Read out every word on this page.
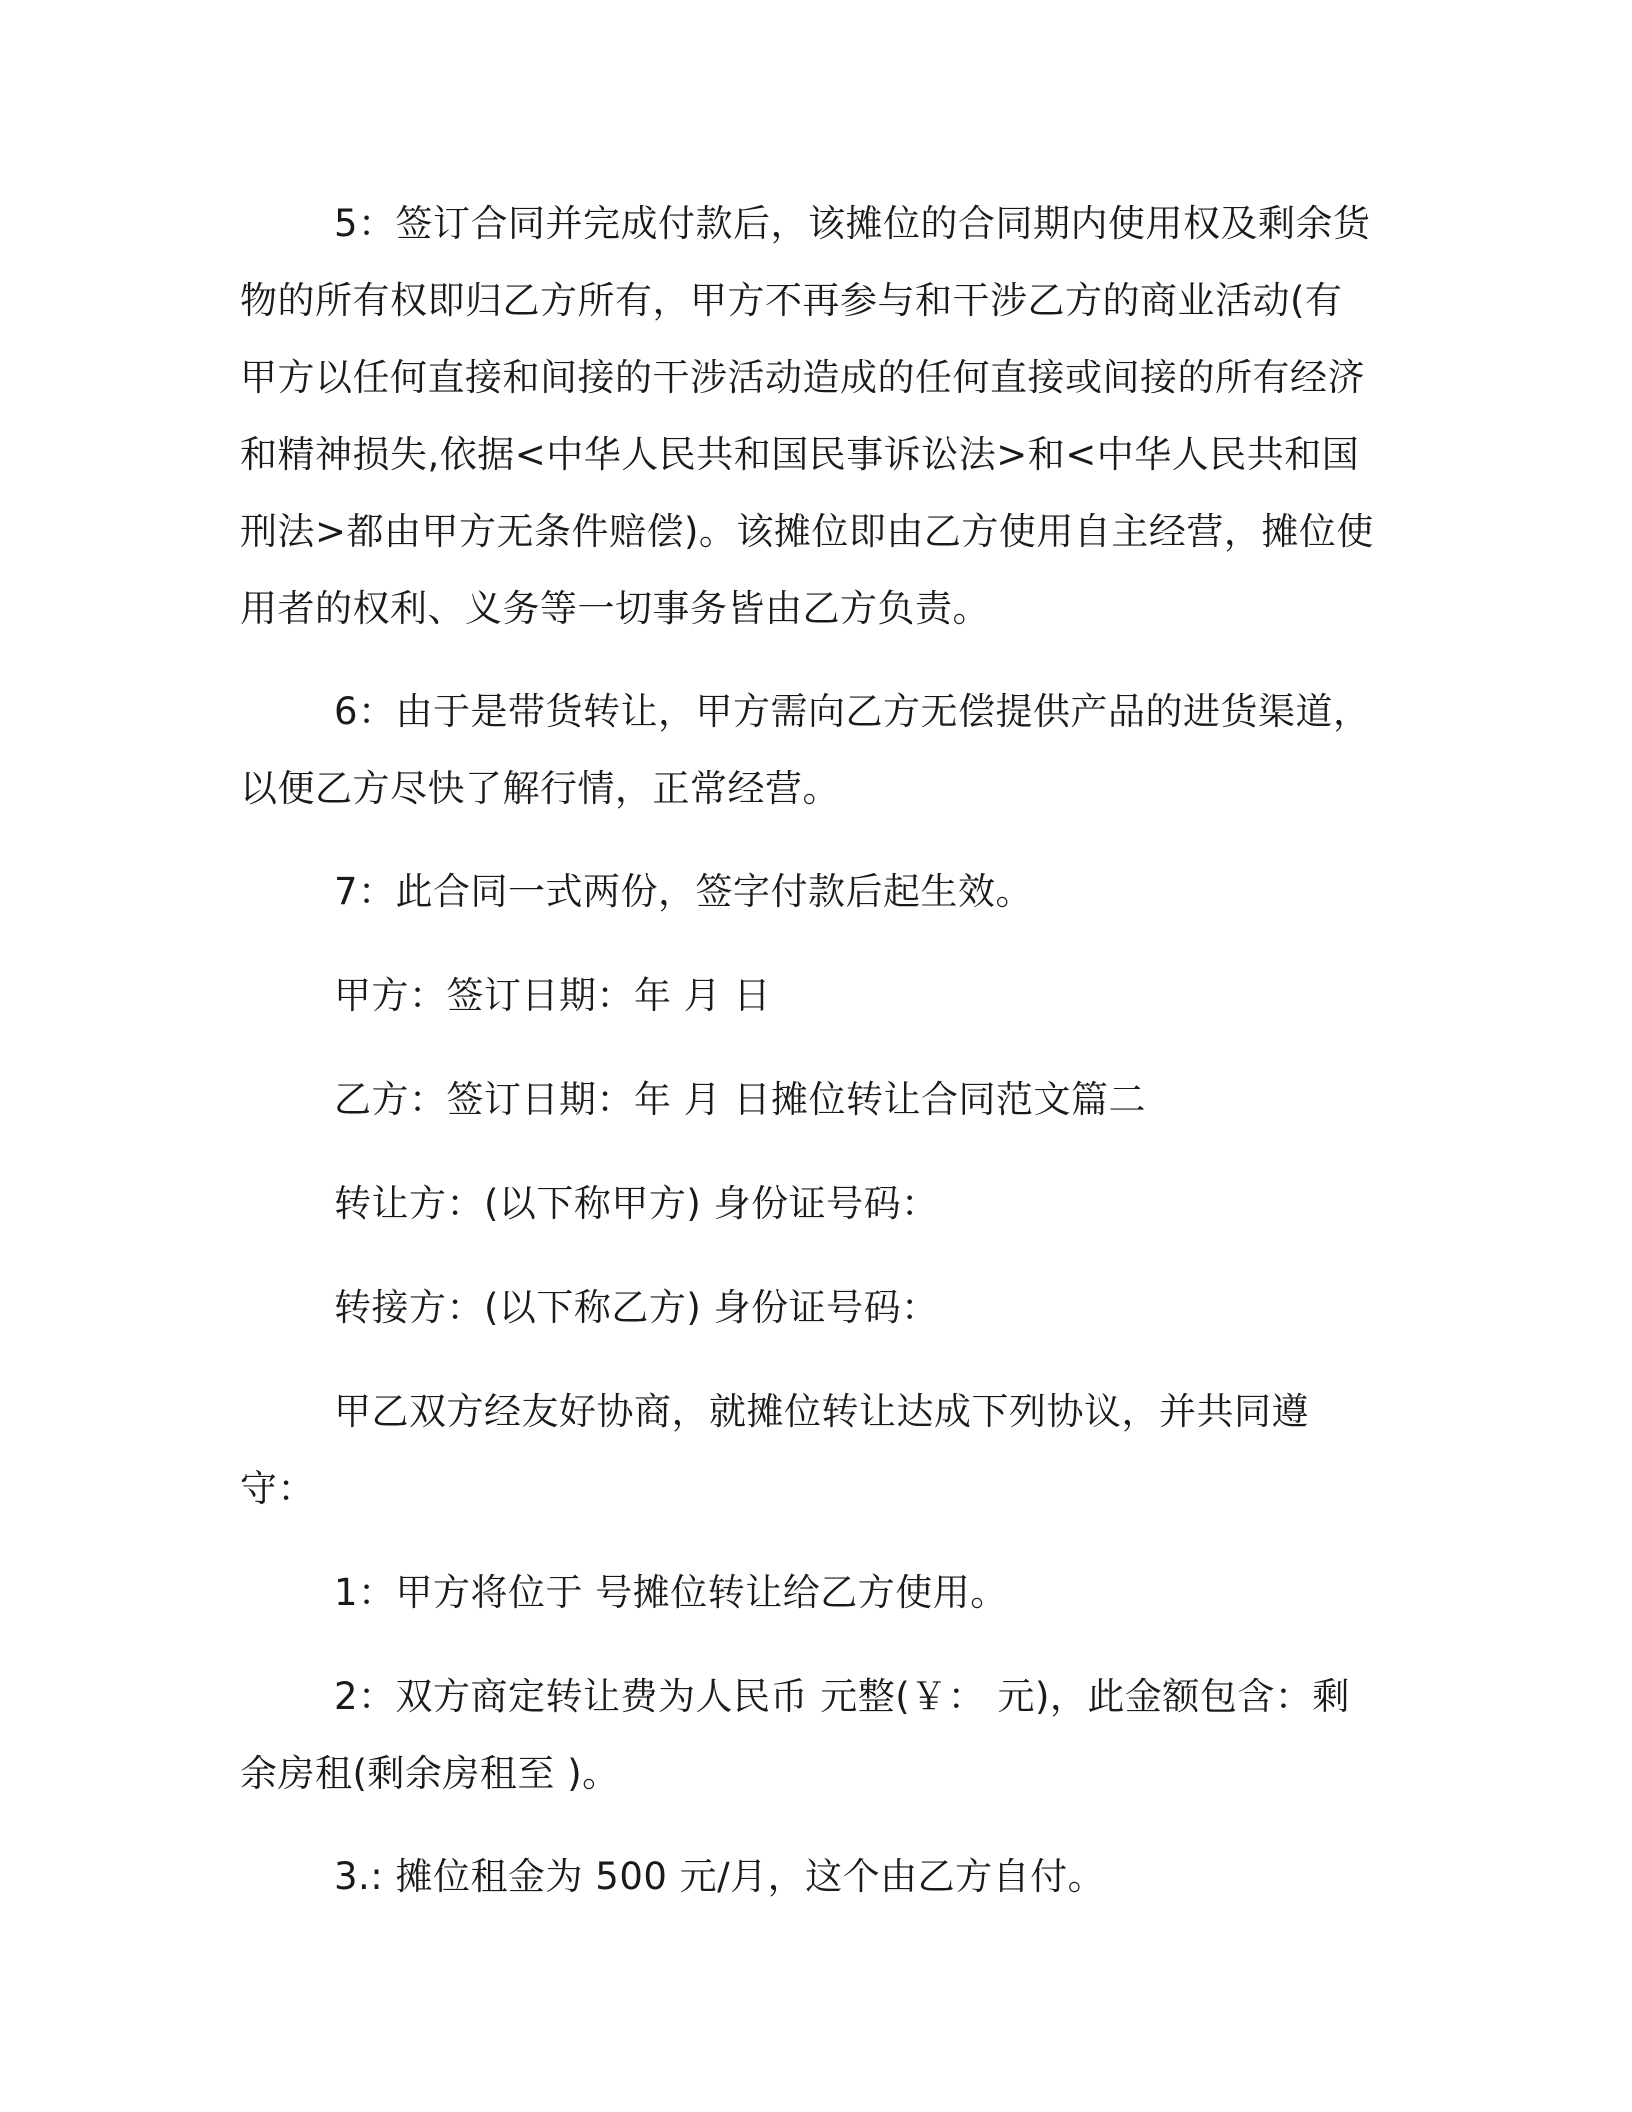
5：签订合同并完成付款后，该摊位的合同期内使用权及剩余货物的所有权即归乙方所有，甲方不再参与和干涉乙方的商业活动(有甲方以任何直接和间接的干涉活动造成的任何直接或间接的所有经济和精神损失,依据<中华人民共和国民事诉讼法>和<中华人民共和国刑法>都由甲方无条件赔偿)。该摊位即由乙方使用自主经营，摊位使用者的权利、义务等一切事务皆由乙方负责。

6：由于是带货转让，甲方需向乙方无偿提供产品的进货渠道，以便乙方尽快了解行情，正常经营。

7：此合同一式两份，签字付款后起生效。

甲方：签订日期：年 月 日

乙方：签订日期：年 月 日摊位转让合同范文篇二

转让方：(以下称甲方) 身份证号码：

转接方：(以下称乙方) 身份证号码：

甲乙双方经友好协商，就摊位转让达成下列协议，并共同遵守：

1：甲方将位于 号摊位转让给乙方使用。

2：双方商定转让费为人民币 元整(￥： 元)，此金额包含：剩余房租(剩余房租至 )。

3.: 摊位租金为 500 元/月，这个由乙方自付。
